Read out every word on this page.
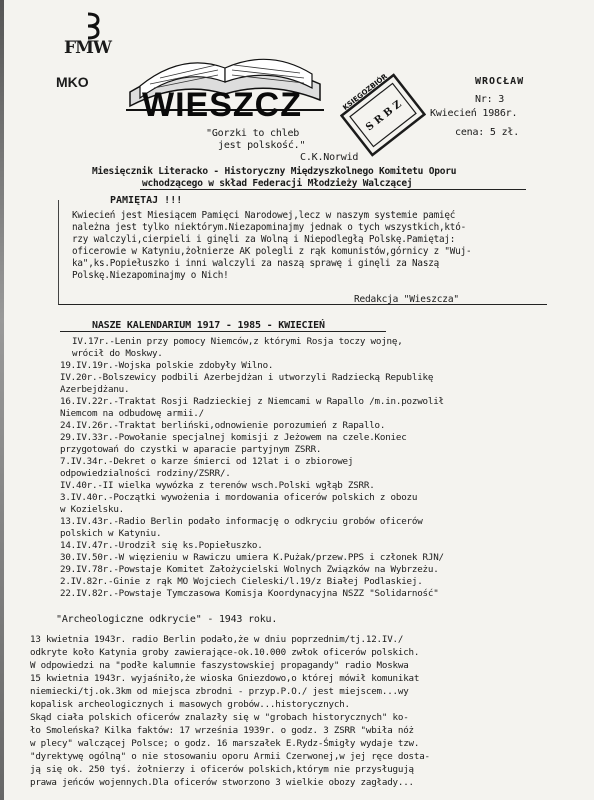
FMW
MKO
WIESZCZ
"Gorzki to chleb
jest polskość."
C.K.Norwid
KSIĘGOZBIÓR
S R B Z
WROCŁAW
Nr: 3
Kwiecień 1986r.
cena: 5 zł.
Miesięcznik Literacko - Historyczny Międzyszkolnego Komitetu Oporu
wchodzącego w skład Federacji Młodzieży Walczącej
PAMIĘTAJ !!!
Kwiecień jest Miesiącem Pamięci Narodowej,lecz w naszym systemie pamięć
należna jest tylko niektórym.Niezapominajmy jednak o tych wszystkich,któ-
rzy walczyli,cierpieli i ginęli za Wolną i Niepodległą Polskę.Pamiętaj:
oficerowie w Katyniu,żołnierze AK polegli z rąk komunistów,górnicy z "Wuj-
ka",ks.Popiełuszko i inni walczyli za naszą sprawę i ginęli za Naszą
Polskę.Niezapominajmy o Nich!
Redakcja "Wieszcza"
NASZE KALENDARIUM 1917 - 1985 - KWIECIEŃ
IV.17r.-Lenin przy pomocy Niemców,z którymi Rosja toczy wojnę,
wrócił do Moskwy.
19.IV.19r.-Wojska polskie zdobyły Wilno.
IV.20r.-Bolszewicy podbili Azerbejdżan i utworzyli Radziecką Republikę
Azerbejdżanu.
16.IV.22r.-Traktat Rosji Radzieckiej z Niemcami w Rapallo /m.in.pozwolił
Niemcom na odbudowę armii./
24.IV.26r.-Traktat berliński,odnowienie porozumień z Rapallo.
29.IV.33r.-Powołanie specjalnej komisji z Jeżowem na czele.Koniec
przygotowań do czystki w aparacie partyjnym ZSRR.
7.IV.34r.-Dekret o karze śmierci od 12lat i o zbiorowej
odpowiedzialności rodziny/ZSRR/.
IV.40r.-II wielka wywózka z terenów wsch.Polski wgłąb ZSRR.
3.IV.40r.-Początki wywożenia i mordowania oficerów polskich z obozu
w Kozielsku.
13.IV.43r.-Radio Berlin podało informację o odkryciu grobów oficerów
polskich w Katyniu.
14.IV.47r.-Urodził się ks.Popiełuszko.
30.IV.50r.-W więzieniu w Rawiczu umiera K.Pużak/przew.PPS i członek RJN/
29.IV.78r.-Powstaje Komitet Założycielski Wolnych Związków na Wybrzeżu.
2.IV.82r.-Ginie z rąk MO Wojciech Cieleski/l.19/z Białej Podlaskiej.
22.IV.82r.-Powstaje Tymczasowa Komisja Koordynacyjna NSZZ "Solidarność"
"Archeologiczne odkrycie" - 1943 roku.
13 kwietnia 1943r. radio Berlin podało,że w dniu poprzednim/tj.12.IV./
odkryte koło Katynia groby zawierające-ok.10.000 zwłok oficerów polskich.
W odpowiedzi na "podłe kalumnie faszystowskiej propagandy" radio Moskwa
15 kwietnia 1943r. wyjaśniło,że wioska Gniezdowo,o której mówił komunikat
niemiecki/tj.ok.3km od miejsca zbrodni - przyp.P.O./ jest miejscem...wy
kopalisk archeologicznych i masowych grobów...historycznych.
Skąd ciała polskich oficerów znalazły się w "grobach historycznych" ko-
ło Smoleńska? Kilka faktów: 17 września 1939r. o godz. 3 ZSRR "wbiła nóż
w plecy" walczącej Polsce; o godz. 16 marszałek E.Rydz-Śmigły wydaje tzw.
"dyrektywę ogólną" o nie stosowaniu oporu Armii Czerwonej,w jej ręce dosta-
ją się ok. 250 tyś. żołnierzy i oficerów polskich,którym nie przysługują
prawa jeńców wojennych.Dla oficerów stworzono 3 wielkie obozy zagłady...
